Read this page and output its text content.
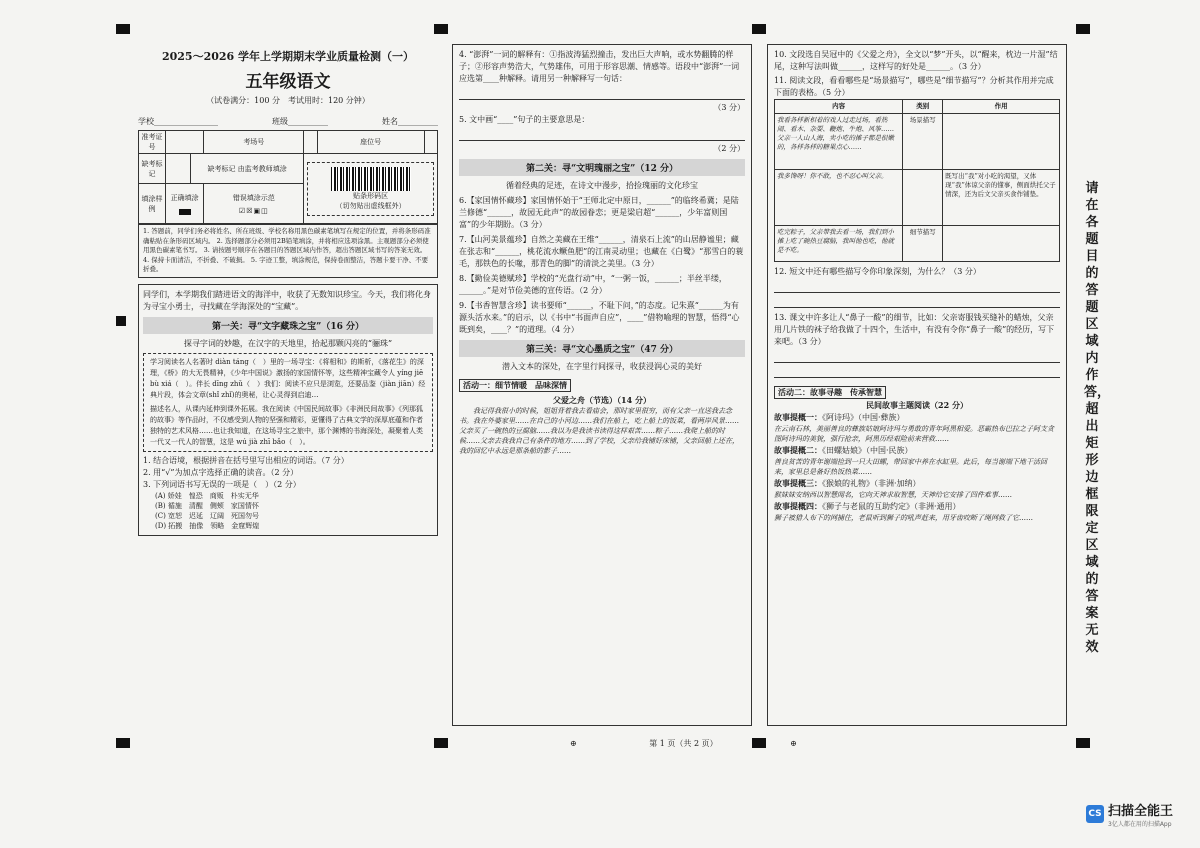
2025～2026 学年上学期期末学业质量检测（一）
五年级语文
（试卷满分：100 分　考试用时：120 分钟）
学校________________	班级__________	姓名__________
准考证号			考场号		座位号	
缺考标记		缺考标记 由监考教师填涂		贴条形码区
（切勿贴出虚线框外）		

填涂样例	正确填涂		错误填涂示范
☑☒▣◫			
1. 答题前，同学们务必将姓名、所在班级、学校名称用黑色碳素笔填写在规定的位置，并将条形码准确粘贴在条形码区域内。 2. 选择题部分必须用2B铅笔填涂，并将相应选项涂黑。主观题部分必须使用黑色碳素笔书写。 3. 请按题号顺序在各题目的答题区域内作答，超出答题区域书写的答案无效。 4. 保持卡面清洁，不折叠、不破损。 5. 字迹工整，填涂规范，保持卷面整洁，答题卡要干净、不要折叠。

同学们，本学期我们踏进语文的海洋中，收获了无数知识珍宝。今天，我们将化身为寻宝小勇士，寻找藏在学海深处的“宝藏”。

第一关：寻“文字藏珠之宝”（16 分）

探寻字词的妙趣，在汉字的天地里，拾起那颗闪亮的“骊珠”

学习阅读名人名著时 diàn táng（　）里的一场寻宝：《将相和》的斯析，《落花生》的深理，《桥》的大无畏精神，《少年中国说》激扬的家国情怀等，这些精神宝藏令人 yíng jiē bù xiá（　）。伴长 dīng zhǔ（　）我们：阅读不应只是浏览，还要品鉴（jiàn jiān）经典片段，体会文章(shǐ zhǐ)的奥秘，让心灵得到启迪…
描述名人，从课内延伸到课外拓展。我在阅读《中国民间故事》《非洲民间故事》《列那狐的故事》等作品时，不仅感受到人物的坚强和精彩，更懂得了古典文学的深厚底蕴和作者独特的艺术风格……也让我知道，在这场寻宝之旅中，那个渊博的书海深处，凝聚着人类一代又一代人的智慧，这是 wú jià zhī bǎo（　）。

1. 结合语境，根据拼音在括号里写出相应的词语。（7 分）

2. 用“√”为加点字选择正确的读音。（2 分）

3. 下列词语书写无误的一项是（　）（2 分）

(A) 娇娃　惶恐　商贩　朴实无华

(B) 循施　清醒　侧颊　家国情怀

(C) 宽恕　迟延　辽阔　死国勿号

(D) 拓搬　抽像　领略　金窟辉煌

4. “澎湃”一词的解释有：①指波涛猛烈撞击，发出巨大声响，或水势翻腾的样子；②形容声势浩大，气势雄伟，可用于形容思潮、情感等。语段中“澎湃”一词应选第____种解释。请用另一种解释写一句话：

（3 分）

5. 文中画“____”句子的主要意思是：

（2 分）

第二关：寻“文明瑰丽之宝”（12 分）

循着经典的足迹，在诗文中漫步，拾捡瑰丽的文化珍宝

6.【家国情怀藏珍】家国情怀始于“王师北定中原日，______”的临终希冀；是陆兰修德“______，故园无此声”的故园眷恋；更是梁启超“______，少年富则国富”的少年期盼。（3 分）

7.【山河美景蕴珍】自然之美藏在王维“______，清泉石上流”的山居静谧里；藏在张志和“______，桃花流水鳜鱼肥”的江南灵动里；也藏在《白鹭》“那雪白的蓑毛，那铁色的长喙，那青色的脚”的清淡之美里。（3 分）

8.【勤俭美德赋珍】学校的“光盘行动”中，“一粥一饭，______；半丝半缕，______。”是对节俭美德的宣传语。（2 分）

9.【书香智慧含珍】读书要师“______，不耻下问，”的态度。记朱熹“______为有源头活水来。”的启示，以《书中“书面声自应”，____”借物喻理的智慧，悟得“心既到矣，____？”的道理。（4 分）

第三关：寻“文心墨质之宝”（47 分）

潜入文本的深处，在字里行间探寻，收获浸润心灵的美好

活动一：细节情暖　品味深情

父爱之舟（节选）（14 分）

我记得我很小的时候，姐姐背着我去看庙会，那时家里很穷，而有父亲一直送我去念书。我在外婆家里……在自己的小河边……我们在船上，吃上船上的饭菜，看两岸风景……父亲买了一碗热的豆腐脑……我以为是我读书读得这样艰苦……粽子……我爬上船的时候……父亲去我我自己有条件的地方……到了学校，父亲给我铺好床铺，父亲回船上还在，我的回忆中永远是那条船的影子……

10. 文段选自吴冠中的《父爱之舟》，全文以“梦”开头，以“醒来，枕边一片湿”结尾，这种写法叫做______，这样写的好处是______。（3 分）

11. 阅读文段，看看哪些是“场景描写”，哪些是“细节描写”？分析其作用并完成下面的表格。（5 分）

内容	类别	作用
我看各样新相着的戏人过走过场，看热闹、看木、杂耍、鞭炮、牛炮、风筝……父亲一人山人海，卖小吃的摊子都是很嫩的，各样各样的糖果点心……	场景描写	
我多馋呀！你不敢，也不忍心叫父亲。		既写出“我”对小吃的渴望，又体现“我”体谅父亲的懂事，侧面烘托父子情深，还为后文父亲买食作铺垫。
吃完粽子，父亲带我去看一场，我们到小摊上吃了碗热豆腐脑，我叫他也吃，他就是不吃。	细节描写	

12. 短文中还有哪些描写令你印象深刻，为什么？（3 分）

13. 课文中许多让人“鼻子一酸”的细节，比如：父亲寄服钱买缝补的蜡烛，父亲用几片铁的袜子给我做了十四个，生活中，有没有令你“鼻子一酸”的经历，写下来吧。（3 分）

活动二：故事寻趣　传承智慧

民间故事主题阅读（22 分）

故事提概一：《阿诗玛》（中国·彝族）

在云南石林，美丽善良的彝族姑娘阿诗玛与勇敢的青年阿黑相爱。恶霸热布巴拉之子阿支贪图阿诗玛的美貌，强行抢亲，阿黑历经艰险前来营救……

故事提概二：《田螺姑娘》（中国·民族）

善良贫苦的青年谢端捡到一只大田螺，带回家中养在水缸里。此后，每当谢端下地干活回来，家里总是备好热饭热菜……

故事提概三：《猴娘的礼物》（非洲·加纳）

猴妹妹安纳西以智慧闻名，它向天神求取智慧，天神给它安排了四件难事……

故事提概四：《狮子与老鼠的互助约定》（非洲·通用）

狮子被猎人布下的网捕住，老鼠听到狮子的吼声赶来，用牙齿咬断了绳网救了它……

请在各题目的答题区域内作答，超出矩形边框限定区域的答案无效
⊕	第 1 页（共 2 页）	⊕
CS 扫描全能王
3亿人都在用的扫描App
